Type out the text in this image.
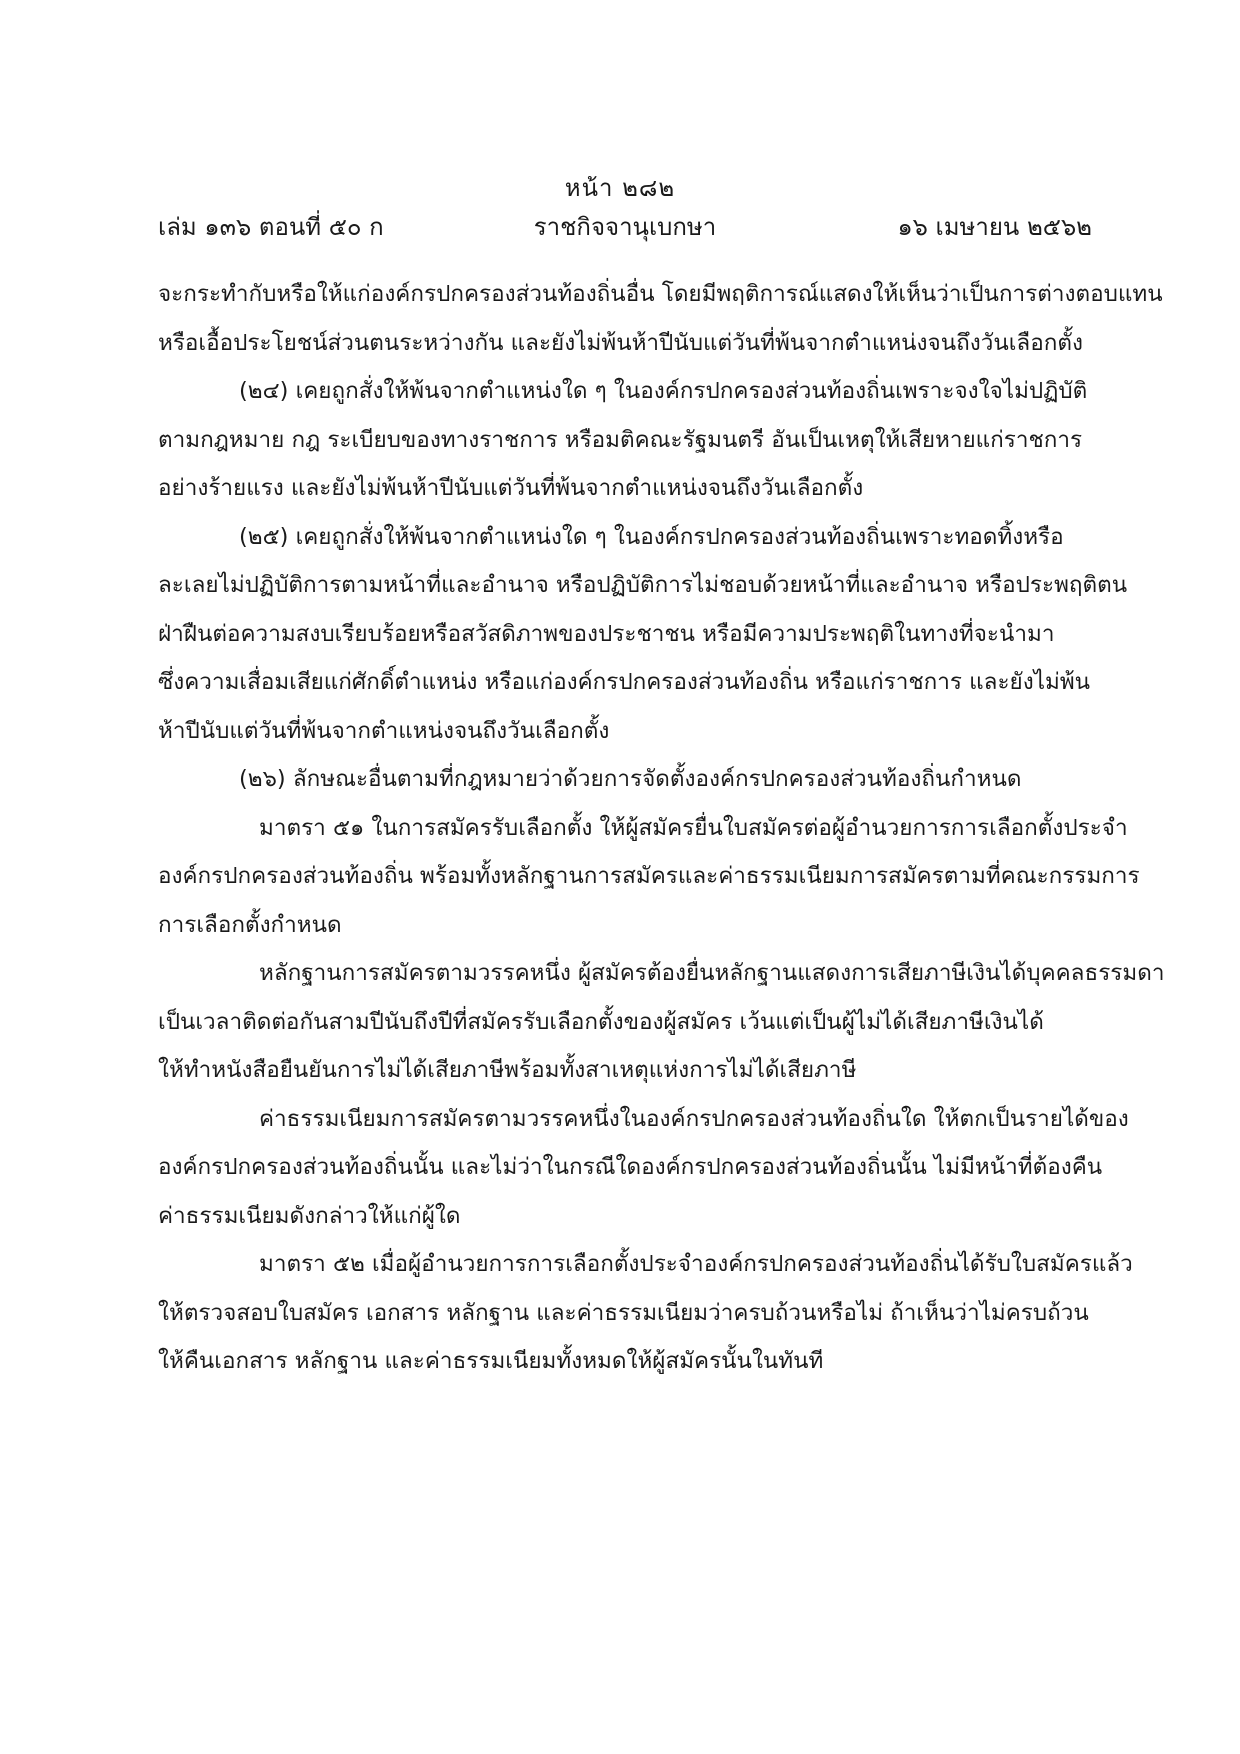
หน้า ๒๘๒
เล่ม ๑๓๖ ตอนที่ ๕๐ ก	ราชกิจจานุเบกษา	๑๖ เมษายน ๒๕๖๒
จะกระทำกับหรือให้แก่องค์กรปกครองส่วนท้องถิ่นอื่น โดยมีพฤติการณ์แสดงให้เห็นว่าเป็นการต่างตอบแทน
หรือเอื้อประโยชน์ส่วนตนระหว่างกัน และยังไม่พ้นห้าปีนับแต่วันที่พ้นจากตำแหน่งจนถึงวันเลือกตั้ง
(๒๔) เคยถูกสั่งให้พ้นจากตำแหน่งใด ๆ ในองค์กรปกครองส่วนท้องถิ่นเพราะจงใจไม่ปฏิบัติ
ตามกฎหมาย กฎ ระเบียบของทางราชการ หรือมติคณะรัฐมนตรี อันเป็นเหตุให้เสียหายแก่ราชการ
อย่างร้ายแรง และยังไม่พ้นห้าปีนับแต่วันที่พ้นจากตำแหน่งจนถึงวันเลือกตั้ง
(๒๕) เคยถูกสั่งให้พ้นจากตำแหน่งใด ๆ ในองค์กรปกครองส่วนท้องถิ่นเพราะทอดทิ้งหรือ
ละเลยไม่ปฏิบัติการตามหน้าที่และอำนาจ หรือปฏิบัติการไม่ชอบด้วยหน้าที่และอำนาจ หรือประพฤติตน
ฝ่าฝืนต่อความสงบเรียบร้อยหรือสวัสดิภาพของประชาชน หรือมีความประพฤติในทางที่จะนำมา
ซึ่งความเสื่อมเสียแก่ศักดิ์ตำแหน่ง หรือแก่องค์กรปกครองส่วนท้องถิ่น หรือแก่ราชการ และยังไม่พ้น
ห้าปีนับแต่วันที่พ้นจากตำแหน่งจนถึงวันเลือกตั้ง
(๒๖) ลักษณะอื่นตามที่กฎหมายว่าด้วยการจัดตั้งองค์กรปกครองส่วนท้องถิ่นกำหนด
มาตรา ๕๑ ในการสมัครรับเลือกตั้ง ให้ผู้สมัครยื่นใบสมัครต่อผู้อำนวยการการเลือกตั้งประจำ
องค์กรปกครองส่วนท้องถิ่น พร้อมทั้งหลักฐานการสมัครและค่าธรรมเนียมการสมัครตามที่คณะกรรมการ
การเลือกตั้งกำหนด
หลักฐานการสมัครตามวรรคหนึ่ง ผู้สมัครต้องยื่นหลักฐานแสดงการเสียภาษีเงินได้บุคคลธรรมดา
เป็นเวลาติดต่อกันสามปีนับถึงปีที่สมัครรับเลือกตั้งของผู้สมัคร เว้นแต่เป็นผู้ไม่ได้เสียภาษีเงินได้
ให้ทำหนังสือยืนยันการไม่ได้เสียภาษีพร้อมทั้งสาเหตุแห่งการไม่ได้เสียภาษี
ค่าธรรมเนียมการสมัครตามวรรคหนึ่งในองค์กรปกครองส่วนท้องถิ่นใด ให้ตกเป็นรายได้ของ
องค์กรปกครองส่วนท้องถิ่นนั้น และไม่ว่าในกรณีใดองค์กรปกครองส่วนท้องถิ่นนั้น ไม่มีหน้าที่ต้องคืน
ค่าธรรมเนียมดังกล่าวให้แก่ผู้ใด
มาตรา ๕๒ เมื่อผู้อำนวยการการเลือกตั้งประจำองค์กรปกครองส่วนท้องถิ่นได้รับใบสมัครแล้ว
ให้ตรวจสอบใบสมัคร เอกสาร หลักฐาน และค่าธรรมเนียมว่าครบถ้วนหรือไม่ ถ้าเห็นว่าไม่ครบถ้วน
ให้คืนเอกสาร หลักฐาน และค่าธรรมเนียมทั้งหมดให้ผู้สมัครนั้นในทันที
